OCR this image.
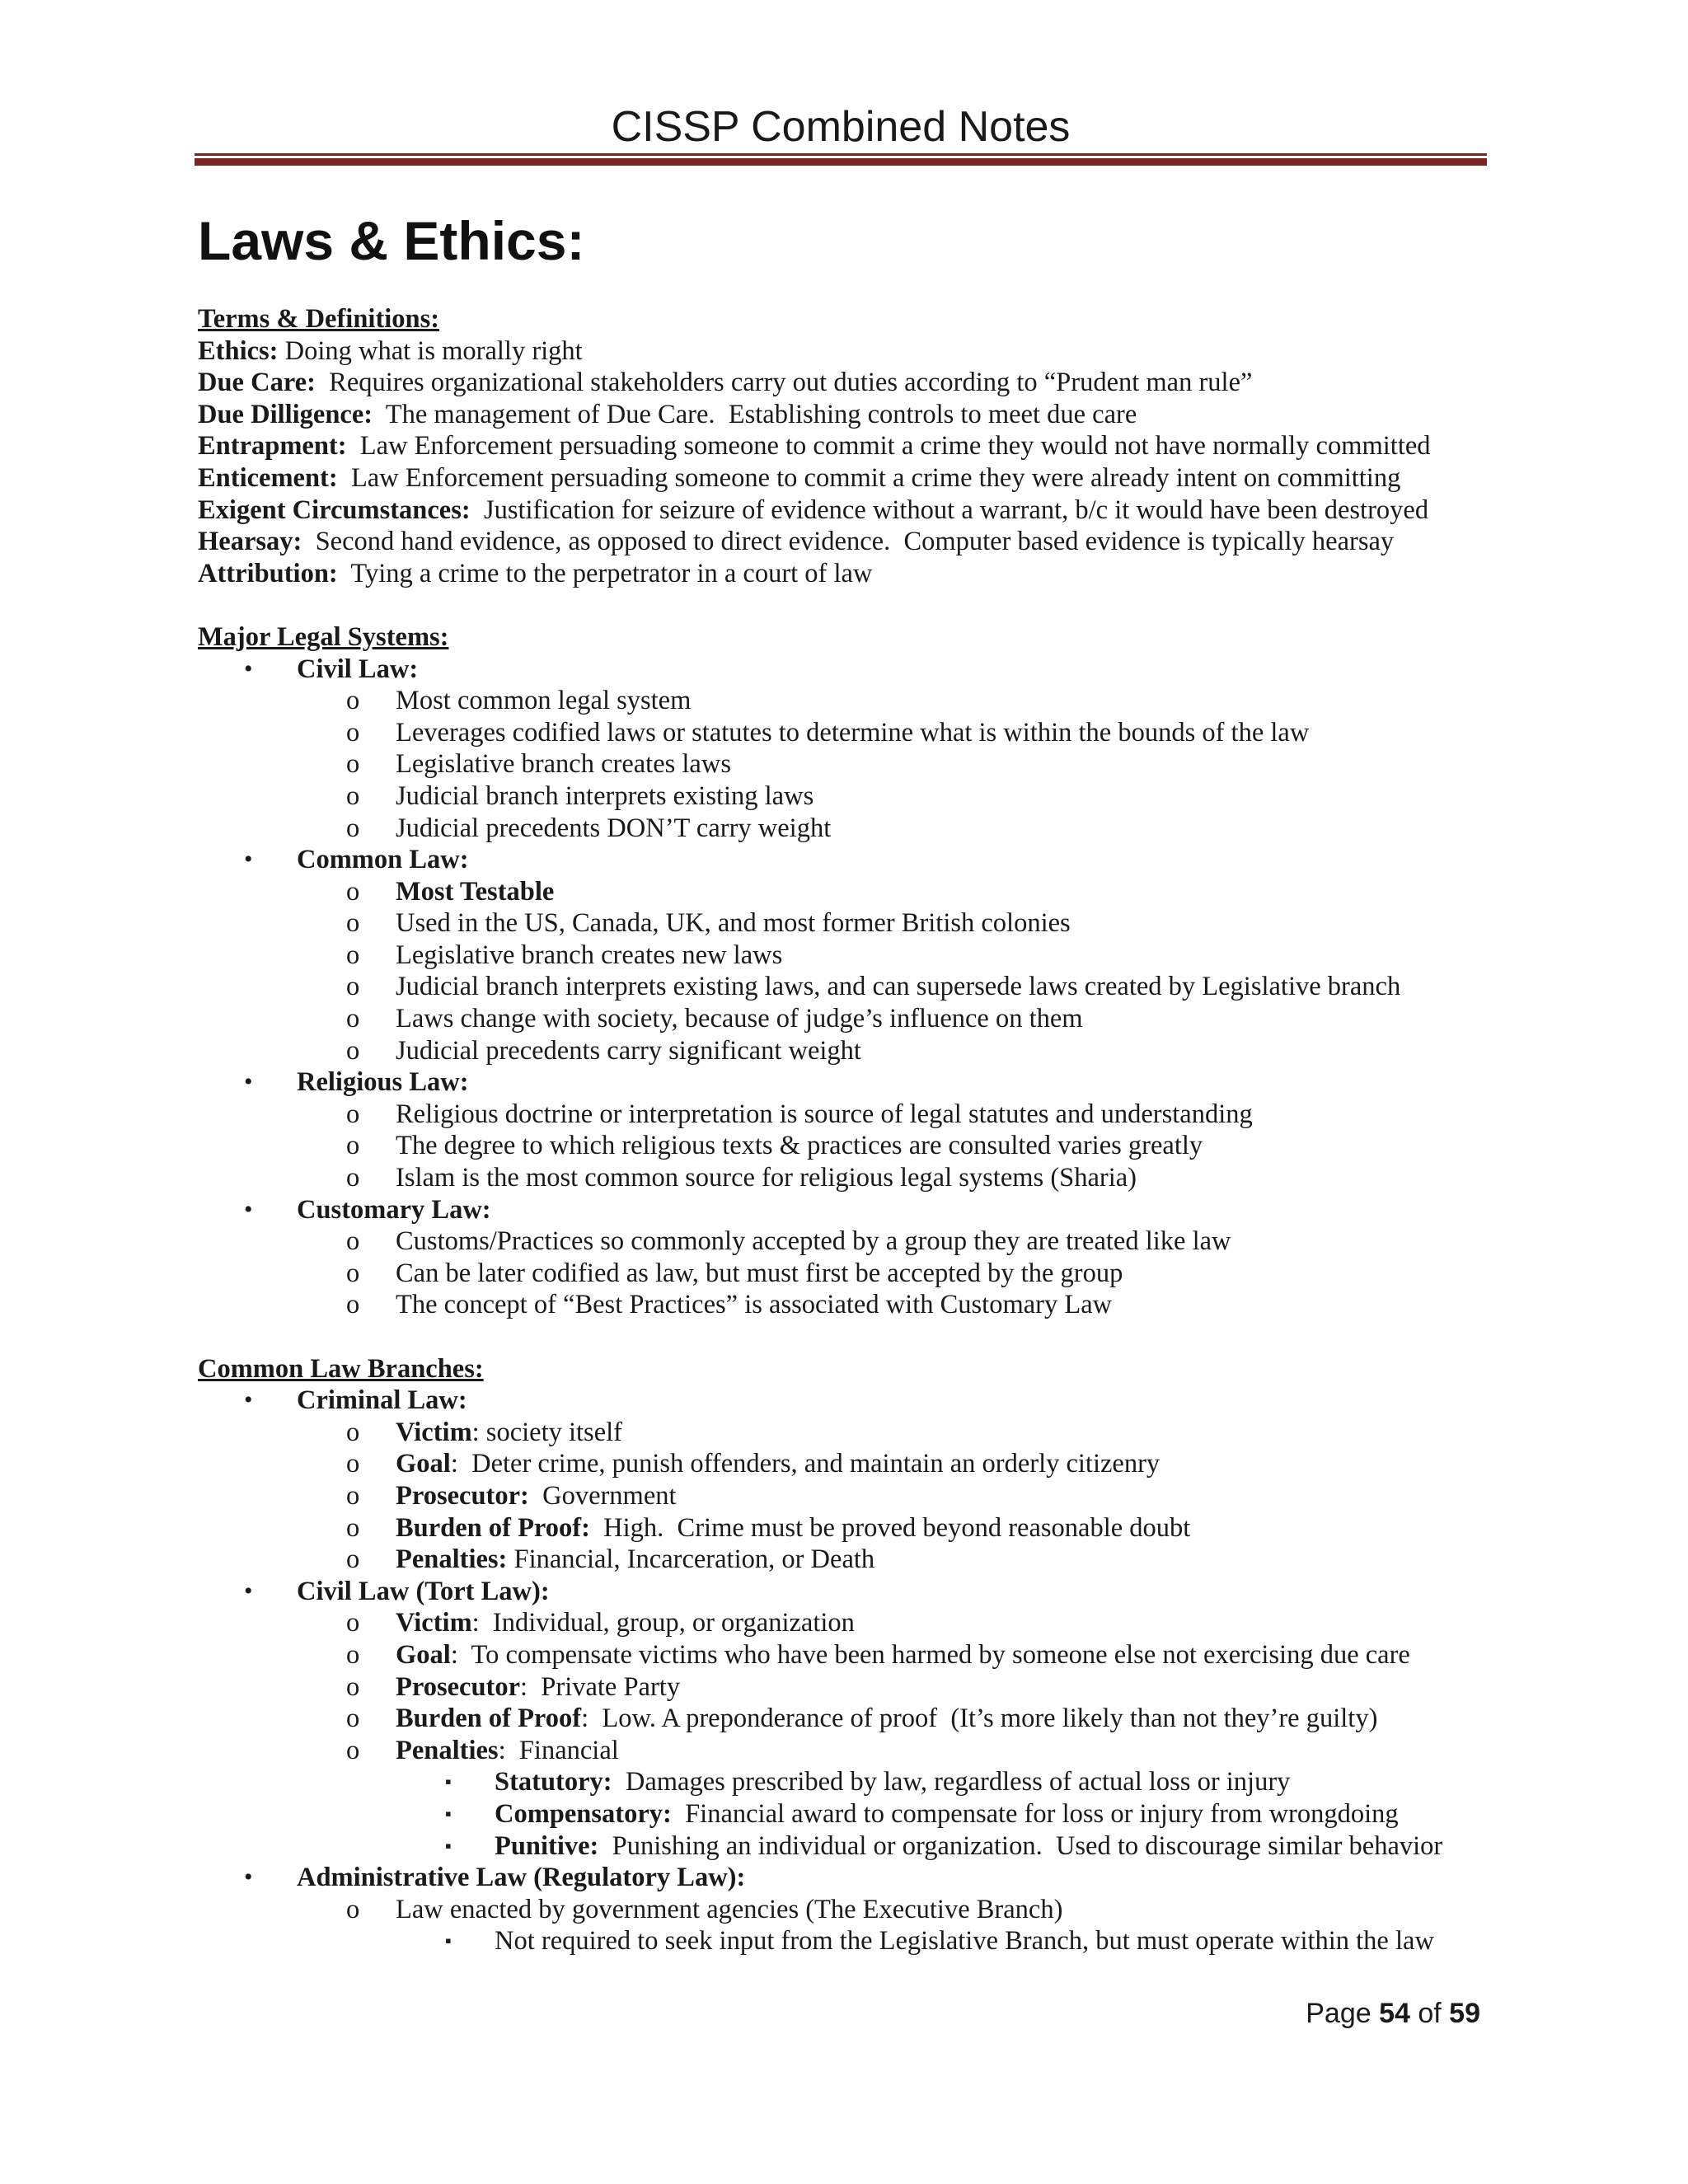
CISSP Combined Notes
Laws & Ethics:

Terms & Definitions:

Ethics: Doing what is morally right

Due Care:  Requires organizational stakeholders carry out duties according to “Prudent man rule”

Due Dilligence:  The management of Due Care.  Establishing controls to meet due care

Entrapment:  Law Enforcement persuading someone to commit a crime they would not have normally committed

Enticement:  Law Enforcement persuading someone to commit a crime they were already intent on committing

Exigent Circumstances:  Justification for seizure of evidence without a warrant, b/c it would have been destroyed

Hearsay:  Second hand evidence, as opposed to direct evidence.  Computer based evidence is typically hearsay

Attribution:  Tying a crime to the perpetrator in a court of law

Major Legal Systems:

• Civil Law:
o Most common legal system
o Leverages codified laws or statutes to determine what is within the bounds of the law
o Legislative branch creates laws
o Judicial branch interprets existing laws
o Judicial precedents DON’T carry weight
• Common Law:
o Most Testable
o Used in the US, Canada, UK, and most former British colonies
o Legislative branch creates new laws
o Judicial branch interprets existing laws, and can supersede laws created by Legislative branch
o Laws change with society, because of judge’s influence on them
o Judicial precedents carry significant weight
• Religious Law:
o Religious doctrine or interpretation is source of legal statutes and understanding
o The degree to which religious texts & practices are consulted varies greatly
o Islam is the most common source for religious legal systems (Sharia)
• Customary Law:
o Customs/Practices so commonly accepted by a group they are treated like law
o Can be later codified as law, but must first be accepted by the group
o The concept of “Best Practices” is associated with Customary Law

Common Law Branches:

• Criminal Law:
o Victim: society itself
o Goal:  Deter crime, punish offenders, and maintain an orderly citizenry
o Prosecutor:  Government
o Burden of Proof:  High.  Crime must be proved beyond reasonable doubt
o Penalties: Financial, Incarceration, or Death
• Civil Law (Tort Law):
o Victim:  Individual, group, or organization
o Goal:  To compensate victims who have been harmed by someone else not exercising due care
o Prosecutor:  Private Party
o Burden of Proof:  Low. A preponderance of proof  (It’s more likely than not they’re guilty)
o Penalties:  Financial
▪ Statutory:  Damages prescribed by law, regardless of actual loss or injury
▪ Compensatory:  Financial award to compensate for loss or injury from wrongdoing
▪ Punitive:  Punishing an individual or organization.  Used to discourage similar behavior
• Administrative Law (Regulatory Law):
o Law enacted by government agencies (The Executive Branch)
▪ Not required to seek input from the Legislative Branch, but must operate within the law
Page 54 of 59
